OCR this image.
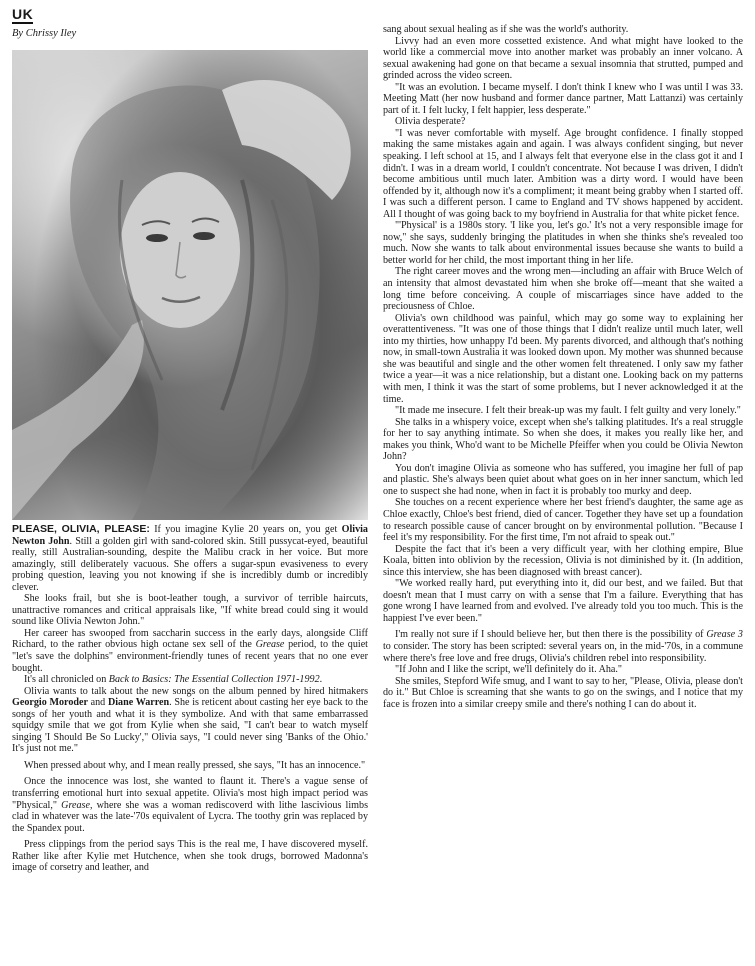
UK
By Chrissy Iley

PLEASE, OLIVIA, PLEASE: If you imagine Kylie 20 years on, you get Olivia Newton John. Still a golden girl with sand-colored skin. Still pussycat-eyed, beautiful really, still Australian-sounding, despite the Malibu crack in her voice. But more amazingly, still deliberately vacuous. She offers a sugar-spun evasiveness to every probing question, leaving you not knowing if she is incredibly dumb or incredibly clever.

She looks frail, but she is boot-leather tough, a survivor of terrible haircuts, unattractive romances and critical appraisals like, "If white bread could sing it would sound like Olivia Newton John."

Her career has swooped from saccharin success in the early days, alongside Cliff Richard, to the rather obvious high octane sex sell of the Grease period, to the quiet "let's save the dolphins" environment-friendly tunes of recent years that no one ever bought.

It's all chronicled on Back to Basics: The Essential Collection 1971-1992.

Olivia wants to talk about the new songs on the album penned by hired hitmakers Georgio Moroder and Diane Warren. She is reticent about casting her eye back to the songs of her youth and what it is they symbolize. And with that same embarrassed squidgy smile that we got from Kylie when she said, "I can't bear to watch myself singing 'I Should Be So Lucky'," Olivia says, "I could never sing 'Banks of the Ohio.' It's just not me."

When pressed about why, and I mean really pressed, she says, "It has an innocence."

Once the innocence was lost, she wanted to flaunt it. There's a vague sense of transferring emotional hurt into sexual appetite. Olivia's most high impact period was "Physical," Grease, where she was a woman rediscoverd with lithe lascivious limbs clad in whatever was the late-'70s equivalent of Lycra. The toothy grin was replaced by the Spandex pout.

Press clippings from the period says This is the real me, I have discovered myself. Rather like after Kylie met Hutchence, when she took drugs, borrowed Madonna's image of corsetry and leather, and

sang about sexual healing as if she was the world's authority.

Livvy had an even more cossetted existence. And what might have looked to the world like a commercial move into another market was probably an inner volcano. A sexual awakening had gone on that became a sexual insomnia that strutted, pumped and grinded across the video screen.

"It was an evolution. I became myself. I don't think I knew who I was until I was 33. Meeting Matt (her now husband and former dance partner, Matt Lattanzi) was certainly part of it. I felt lucky, I felt happier, less desperate."

Olivia desperate?

"I was never comfortable with myself. Age brought confidence. I finally stopped making the same mistakes again and again. I was always confident singing, but never speaking. I left school at 15, and I always felt that everyone else in the class got it and I didn't. I was in a dream world, I couldn't concentrate. Not because I was driven, I didn't become ambitious until much later. Ambition was a dirty word. I would have been offended by it, although now it's a compliment; it meant being grabby when I started off. I was such a different person. I came to England and TV shows happened by accident. All I thought of was going back to my boyfriend in Australia for that white picket fence.

"'Physical' is a 1980s story. 'I like you, let's go.' It's not a very responsible image for now," she says, suddenly bringing the platitudes in when she thinks she's revealed too much. Now she wants to talk about environmental issues because she wants to build a better world for her child, the most important thing in her life.

The right career moves and the wrong men—including an affair with Bruce Welch of an intensity that almost devastated him when she broke off—meant that she waited a long time before conceiving. A couple of miscarriages since have added to the preciousness of Chloe.

Olivia's own childhood was painful, which may go some way to explaining her overattentiveness. "It was one of those things that I didn't realize until much later, well into my thirties, how unhappy I'd been. My parents divorced, and although that's nothing now, in small-town Australia it was looked down upon. My mother was shunned because she was beautiful and single and the other women felt threatened. I only saw my father twice a year—it was a nice relationship, but a distant one. Looking back on my patterns with men, I think it was the start of some problems, but I never acknowledged it at the time.

"It made me insecure. I felt their break-up was my fault. I felt guilty and very lonely."

She talks in a whispery voice, except when she's talking platitudes. It's a real struggle for her to say anything intimate. So when she does, it makes you really like her, and makes you think, Who'd want to be Michelle Pfeiffer when you could be Olivia Newton John?

You don't imagine Olivia as someone who has suffered, you imagine her full of pap and plastic. She's always been quiet about what goes on in her inner sanctum, which led one to suspect she had none, when in fact it is probably too murky and deep.

She touches on a recent experience where her best friend's daughter, the same age as Chloe exactly, Chloe's best friend, died of cancer. Together they have set up a foundation to research possible cause of cancer brought on by environmental pollution. "Because I feel it's my responsibility. For the first time, I'm not afraid to speak out."

Despite the fact that it's been a very difficult year, with her clothing empire, Blue Koala, bitten into oblivion by the recession, Olivia is not diminished by it. (In addition, since this interview, she has been diagnosed with breast cancer).

"We worked really hard, put everything into it, did our best, and we failed. But that doesn't mean that I must carry on with a sense that I'm a failure. Everything that has gone wrong I have learned from and evolved. I've already told you too much. This is the happiest I've ever been."

I'm really not sure if I should believe her, but then there is the possibility of Grease 3 to consider. The story has been scripted: several years on, in the mid-'70s, in a commune where there's free love and free drugs, Olivia's children rebel into responsibility.

"If John and I like the script, we'll definitely do it. Aha."

She smiles, Stepford Wife smug, and I want to say to her, "Please, Olivia, please don't do it." But Chloe is screaming that she wants to go on the swings, and I notice that my face is frozen into a similar creepy smile and there's nothing I can do about it.
